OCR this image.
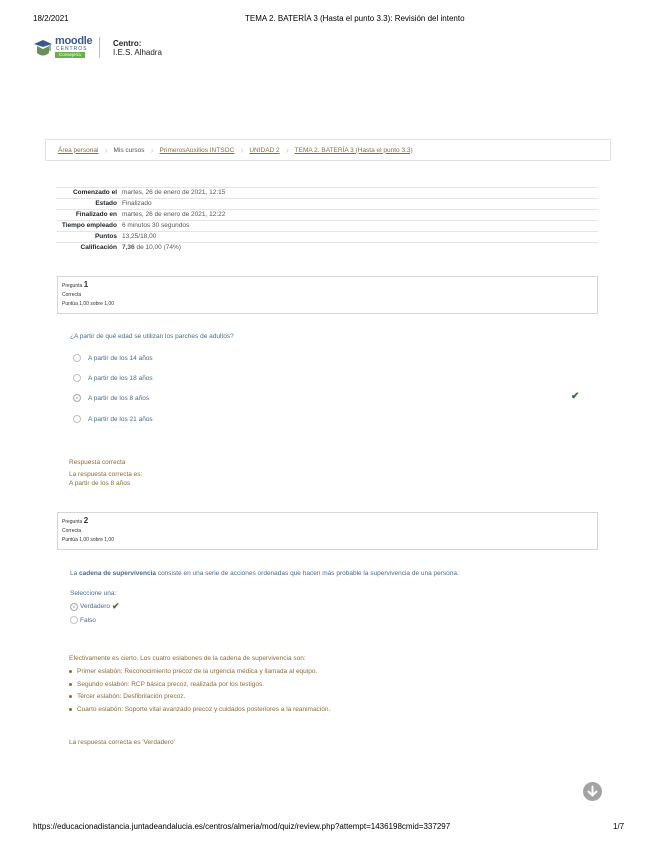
18/2/2021	TEMA 2. BATERÍA 3 (Hasta el punto 3.3): Revisión del intento
moodle
CENTROS
Consejería
Centro:
I.E.S. Alhadra
Área personal › Mis cursos › PrimerosAuxilios INTSOC › UNIDAD 2 › TEMA 2. BATERÍA 3 (Hasta el punto 3.3)
Comenzado el	martes, 26 de enero de 2021, 12:15
Estado	Finalizado
Finalizado en	martes, 26 de enero de 2021, 12:22
Tiempo empleado	6 minutos 30 segundos
Puntos	13,25/18,00
Calificación	7,36 de 10,00 (74%)
Pregunta 1
Correcta
Puntúa 1,00 sobre 1,00
¿A partir de qué edad se utilizan los parches de adultos?
A partir de los 14 años
A partir de los 18 años
A partir de los 8 años	✔
A partir de los 21 años
Respuesta correcta
La respuesta correcta es:
A partir de los 8 años
Pregunta 2
Correcta
Puntúa 1,00 sobre 1,00
La cadena de supervivencia consiste en una serie de acciones ordenadas que hacen más probable la supervivencia de una persona.
Seleccione una:
Verdadero ✔
Falso
Efectivamente es cierto. Los cuatro eslabones de la cadena de supervivencia son:
Primer eslabón: Reconocimiento precoz de la urgencia médica y llamada al equipo.
Segundo eslabón: RCP básica precoz, realizada por los testigos.
Tercer eslabón: Desfibrilación precoz.
Cuarto eslabón: Soporte vital avanzado precoz y cuidados posteriores a la reanimación.
La respuesta correcta es 'Verdadero'
https://educacionadistancia.juntadeandalucia.es/centros/almeria/mod/quiz/review.php?attempt=1436198cmid=337297	1/7
